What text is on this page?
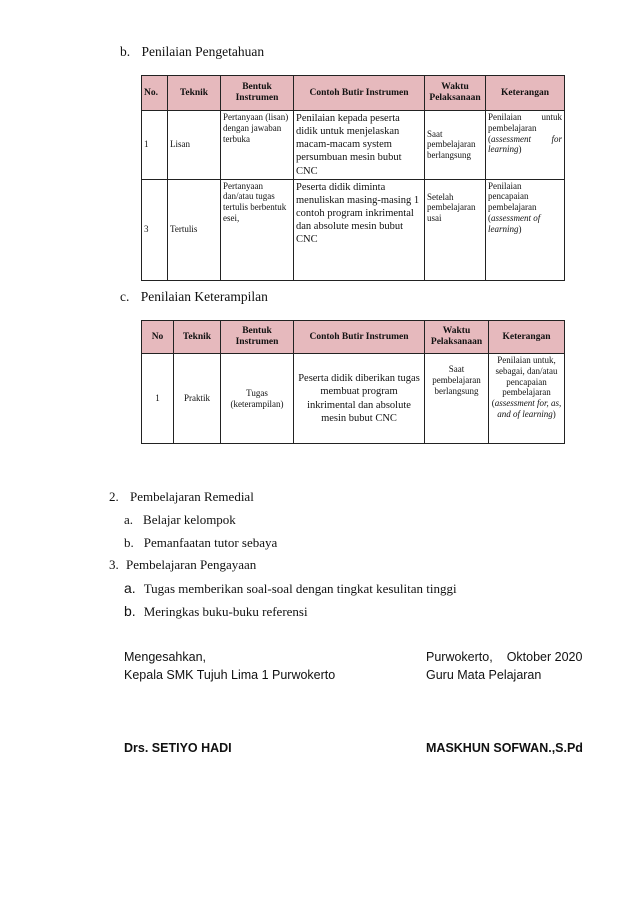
b. Penilaian Pengetahuan
No.	Teknik	Bentuk Instrumen	Contoh Butir Instrumen	Waktu Pelaksanaan	Keterangan
1	Lisan	Pertanyaan (lisan) dengan jawaban terbuka	Penilaian kepada peserta didik untuk menjelaskan macam-macam system persumbuan mesin bubut CNC	Saat pembelajaran berlangsung	Penilaian untuk pembelajaran (assessment for learning)
3	Tertulis	Pertanyaan dan/atau tugas tertulis berbentuk esei,	Peserta didik diminta menuliskan masing-masing 1 contoh program inkrimental dan absolute mesin bubut CNC	Setelah pembelajaran usai	Penilaian pencapaian pembelajaran (assessment of learning)
c. Penilaian Keterampilan
No	Teknik	Bentuk Instrumen	Contoh Butir Instrumen	Waktu Pelaksanaan	Keterangan
1	Praktik	Tugas (keterampilan)	Peserta didik diberikan tugas membuat program inkrimental dan absolute mesin bubut CNC	Saat pembelajaran berlangsung	Penilaian untuk, sebagai, dan/atau pencapaian pembelajaran (assessment for, as, and of learning)
2. Pembelajaran Remedial
a. Belajar kelompok
b. Pemanfaatan tutor sebaya
3. Pembelajaran Pengayaan
a. Tugas memberikan soal-soal dengan tingkat kesulitan tinggi
b. Meringkas buku-buku referensi
Mengesahkan,
Kepala SMK Tujuh Lima 1 Purwokerto
Drs. SETIYO HADI
Purwokerto, Oktober 2020
Guru Mata Pelajaran
MASKHUN SOFWAN.,S.Pd
